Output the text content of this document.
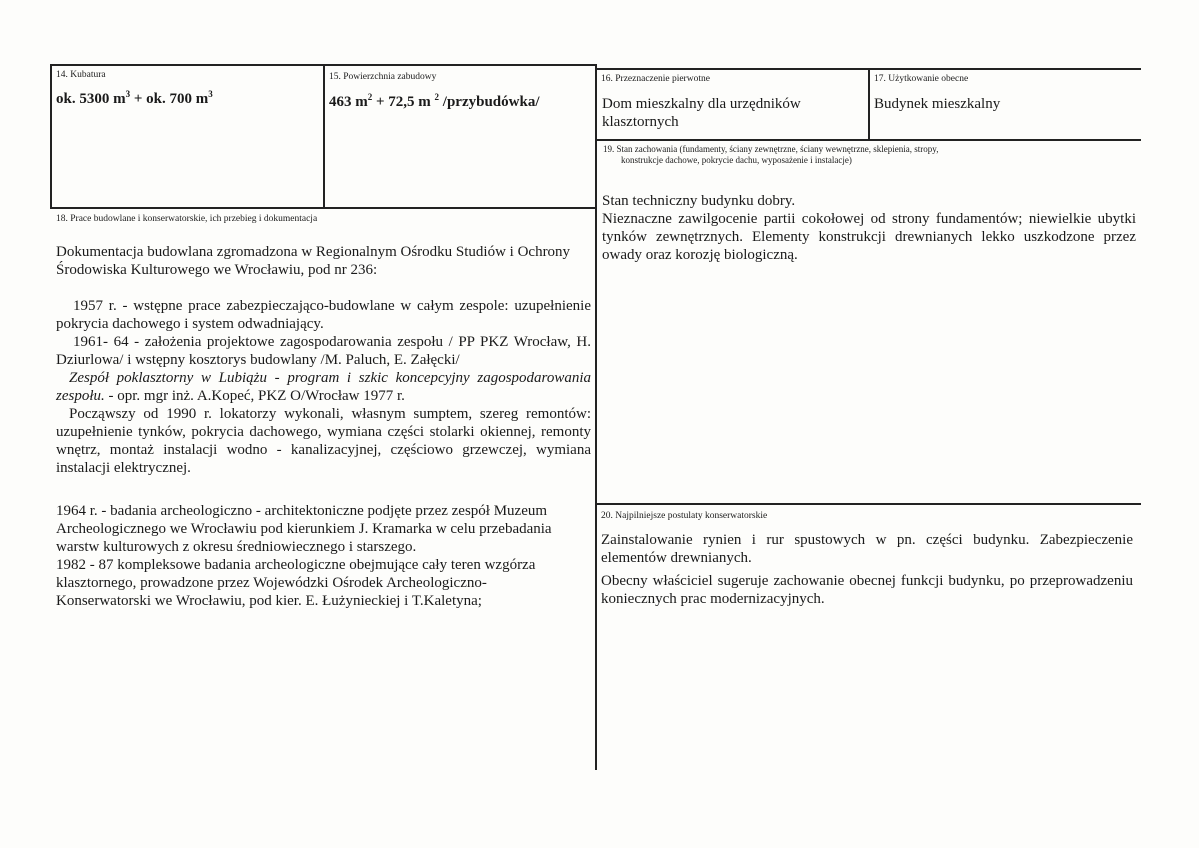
14. Kubatura
ok. 5300 $m^3$ + ok. 700 $m^3$
15. Powierzchnia zabudowy
463 $m^2 + 72,5$ m $^2$ /przybudówka/
16. Przeznaczenie pierwotne
Dom mieszkalny dla urzędników
klasztornych
17. Użytkowanie obecne
Budynek mieszkalny
19. Stan zachowania (fundamenty, ściany zewnętrzne, ściany wewnętrzne, sklepienia, stropy,
konstrukcje dachowe, pokrycie dachu, wyposażenie i instalacje)

Stan techniczny budynku dobry.

Nieznaczne zawilgocenie partii cokołowej od strony fundamentów; niewielkie ubytki tynków zewnętrznych. Elementy konstrukcji drewnianych lekko uszkodzone przez owady oraz korozję biologiczną.

18. Prace budowlane i konserwatorskie, ich przebieg i dokumentacja
Dokumentacja budowlana zgromadzona w Regionalnym Ośrodku Studiów i Ochrony Środowiska Kulturowego we Wrocławiu, pod nr 236:

1957 r. - wstępne prace zabezpieczająco-budowlane w całym zespole: uzupełnienie pokrycia dachowego i system odwadniający.

1961- 64 - założenia projektowe zagospodarowania zespołu / PP PKZ Wrocław, H. Dziurlowa/ i wstępny kosztorys budowlany /M. Paluch, E. Załęcki/

Zespół poklasztorny w Lubiążu - program i szkic koncepcyjny zagospodarowania zespołu. - opr. mgr inż. A.Kopeć, PKZ O/Wrocław 1977 r.

Począwszy od 1990 r. lokatorzy wykonali, własnym sumptem, szereg remontów: uzupełnienie tynków, pokrycia dachowego, wymiana części stolarki okiennej, remonty wnętrz, montaż instalacji wodno - kanalizacyjnej, częściowo grzewczej, wymiana instalacji elektrycznej.

1964 r. - badania archeologiczno - architektoniczne podjęte przez zespół Muzeum

Archeologicznego we Wrocławiu pod kierunkiem J. Kramarka w celu przebadania

warstw kulturowych z okresu średniowiecznego i starszego.

1982 - 87 kompleksowe badania archeologiczne obejmujące cały teren wzgórza

klasztornego, prowadzone przez Wojewódzki Ośrodek Archeologiczno-

Konserwatorski we Wrocławiu, pod kier. E. Łużynieckiej i T.Kaletyna;

20. Najpilniejsze postulaty konserwatorskie

Zainstalowanie rynien i rur spustowych w pn. części budynku. Zabezpieczenie elementów drewnianych.

Obecny właściciel sugeruje zachowanie obecnej funkcji budynku, po przeprowadzeniu koniecznych prac modernizacyjnych.
